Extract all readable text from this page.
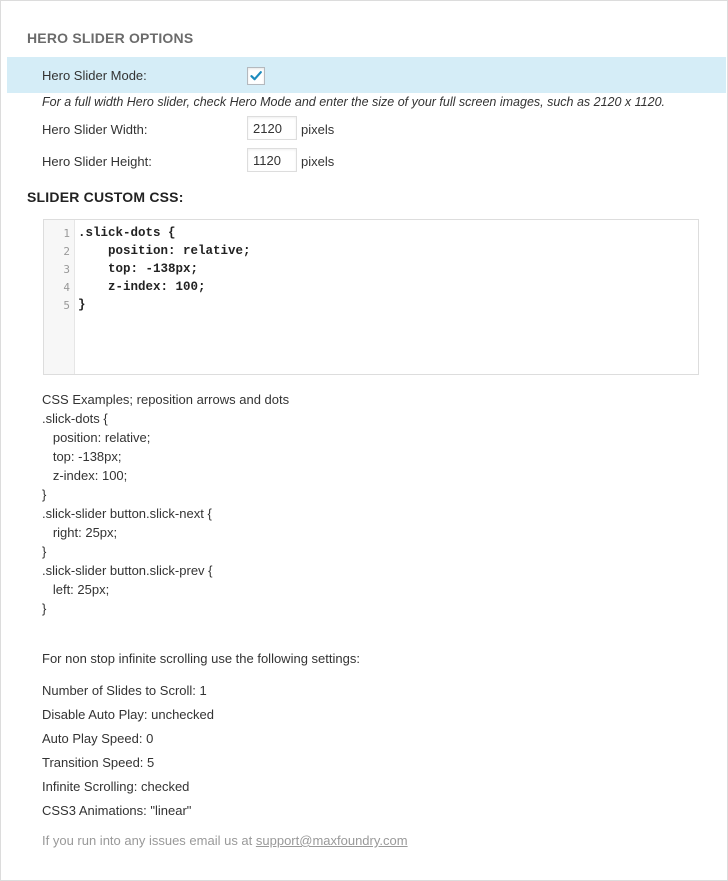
HERO SLIDER OPTIONS
Hero Slider Mode:
For a full width Hero slider, check Hero Mode and enter the size of your full screen images, such as 2120 x 1120.
Hero Slider Width:
2120	pixels
Hero Slider Height:
1120	pixels
SLIDER CUSTOM CSS:
1
2
3
4
5
.slick-dots {
position: relative;
top: -138px;
z-index: 100;
}
CSS Examples; reposition arrows and dots
.slick-dots {
position: relative;
top: -138px;
z-index: 100;
}
.slick-slider button.slick-next {
right: 25px;
}
.slick-slider button.slick-prev {
left: 25px;
}
For non stop infinite scrolling use the following settings:
Number of Slides to Scroll: 1
Disable Auto Play: unchecked
Auto Play Speed: 0
Transition Speed: 5
Infinite Scrolling: checked
CSS3 Animations: "linear"
If you run into any issues email us at support@maxfoundry.com
